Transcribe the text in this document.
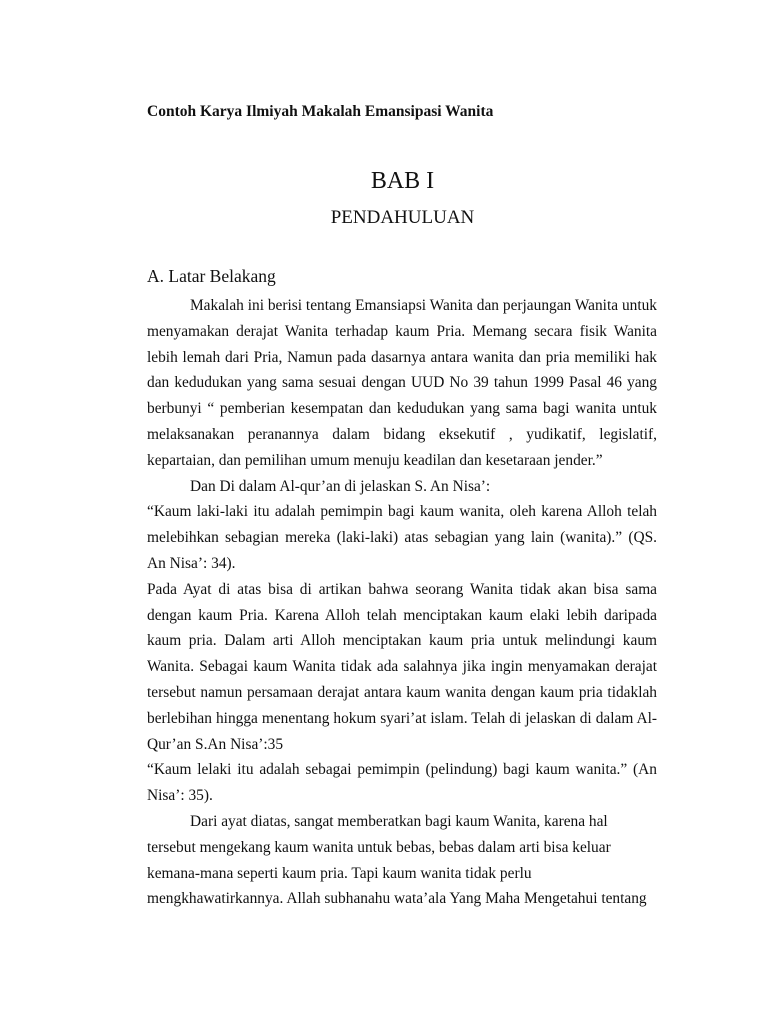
Contoh Karya Ilmiyah Makalah Emansipasi Wanita
BAB I
PENDAHULUAN
A. Latar Belakang

Makalah ini berisi tentang Emansiapsi Wanita dan perjaungan Wanita untuk menyamakan derajat Wanita terhadap kaum Pria. Memang secara fisik Wanita lebih lemah dari Pria, Namun pada dasarnya antara wanita dan pria memiliki hak dan kedudukan yang sama sesuai dengan UUD No 39 tahun 1999 Pasal 46 yang berbunyi “ pemberian kesempatan dan kedudukan yang sama bagi wanita untuk melaksanakan peranannya dalam bidang eksekutif , yudikatif, legislatif, kepartaian, dan pemilihan umum menuju keadilan dan kesetaraan jender.”

Dan Di dalam Al-qur’an di jelaskan S. An Nisa’:

“Kaum laki-laki itu adalah pemimpin bagi kaum wanita, oleh karena Alloh telah melebihkan sebagian mereka (laki-laki) atas sebagian yang lain (wanita).” (QS. An Nisa’: 34).

Pada Ayat di atas bisa di artikan bahwa seorang Wanita tidak akan bisa sama dengan kaum Pria. Karena Alloh telah menciptakan kaum elaki lebih daripada kaum pria. Dalam arti Alloh menciptakan kaum pria untuk melindungi kaum Wanita. Sebagai kaum Wanita tidak ada salahnya jika ingin menyamakan derajat tersebut namun persamaan derajat antara kaum wanita dengan kaum pria tidaklah berlebihan hingga menentang hokum syari’at islam. Telah di jelaskan di dalam Al-Qur’an S.An Nisa’:35

“Kaum lelaki itu adalah sebagai pemimpin (pelindung) bagi kaum wanita.” (An Nisa’: 35).

Dari ayat diatas, sangat memberatkan bagi kaum Wanita, karena hal tersebut mengekang kaum wanita untuk bebas, bebas dalam arti bisa keluar kemana-mana seperti kaum pria. Tapi kaum wanita tidak perlu mengkhawatirkannya. Allah subhanahu wata’ala Yang Maha Mengetahui tentang
